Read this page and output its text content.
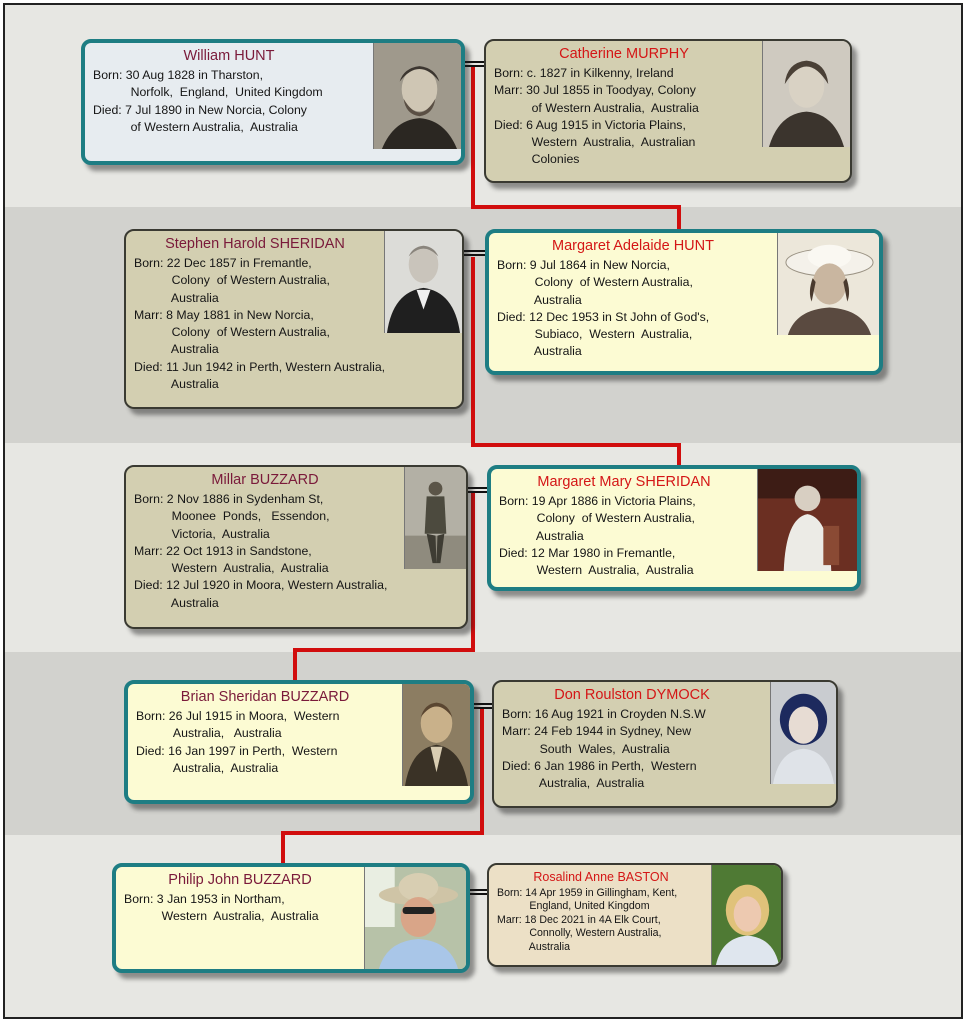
William HUNT
Born: 30 Aug 1828 in Tharston,
Norfolk,  England,  United Kingdom
Died: 7 Jul 1890 in New Norcia, Colony
of Western Australia,  Australia
Catherine MURPHY
Born: c. 1827 in Kilkenny, Ireland
Marr: 30 Jul 1855 in Toodyay, Colony
of Western Australia,  Australia
Died: 6 Aug 1915 in Victoria Plains,
Western  Australia,  Australian
Colonies
Stephen Harold SHERIDAN
Born: 22 Dec 1857 in Fremantle,
Colony  of Western Australia,
Australia
Marr: 8 May 1881 in New Norcia,
Colony  of Western Australia,
Australia
Died: 11 Jun 1942 in Perth, Western Australia,
Australia
Margaret Adelaide HUNT
Born: 9 Jul 1864 in New Norcia,
Colony  of Western Australia,
Australia
Died: 12 Dec 1953 in St John of God's,
Subiaco,  Western  Australia,
Australia
Millar BUZZARD
Born: 2 Nov 1886 in Sydenham St,
Moonee  Ponds,   Essendon,
Victoria,  Australia
Marr: 22 Oct 1913 in Sandstone,
Western  Australia,  Australia
Died: 12 Jul 1920 in Moora, Western Australia,
Australia
Margaret Mary SHERIDAN
Born: 19 Apr 1886 in Victoria Plains,
Colony  of Western Australia,
Australia
Died: 12 Mar 1980 in Fremantle,
Western  Australia,  Australia
Brian Sheridan BUZZARD
Born: 26 Jul 1915 in Moora,  Western
Australia,   Australia
Died: 16 Jan 1997 in Perth,  Western
Australia,  Australia
Don Roulston DYMOCK
Born: 16 Aug 1921 in Croyden N.S.W
Marr: 24 Feb 1944 in Sydney, New
South  Wales,  Australia
Died: 6 Jan 1986 in Perth,  Western
Australia,  Australia
Philip John BUZZARD
Born: 3 Jan 1953 in Northam,
Western  Australia,  Australia
Rosalind Anne BASTON
Born: 14 Apr 1959 in Gillingham, Kent,
England, United Kingdom
Marr: 18 Dec 2021 in 4A Elk Court,
Connolly, Western Australia,
Australia
